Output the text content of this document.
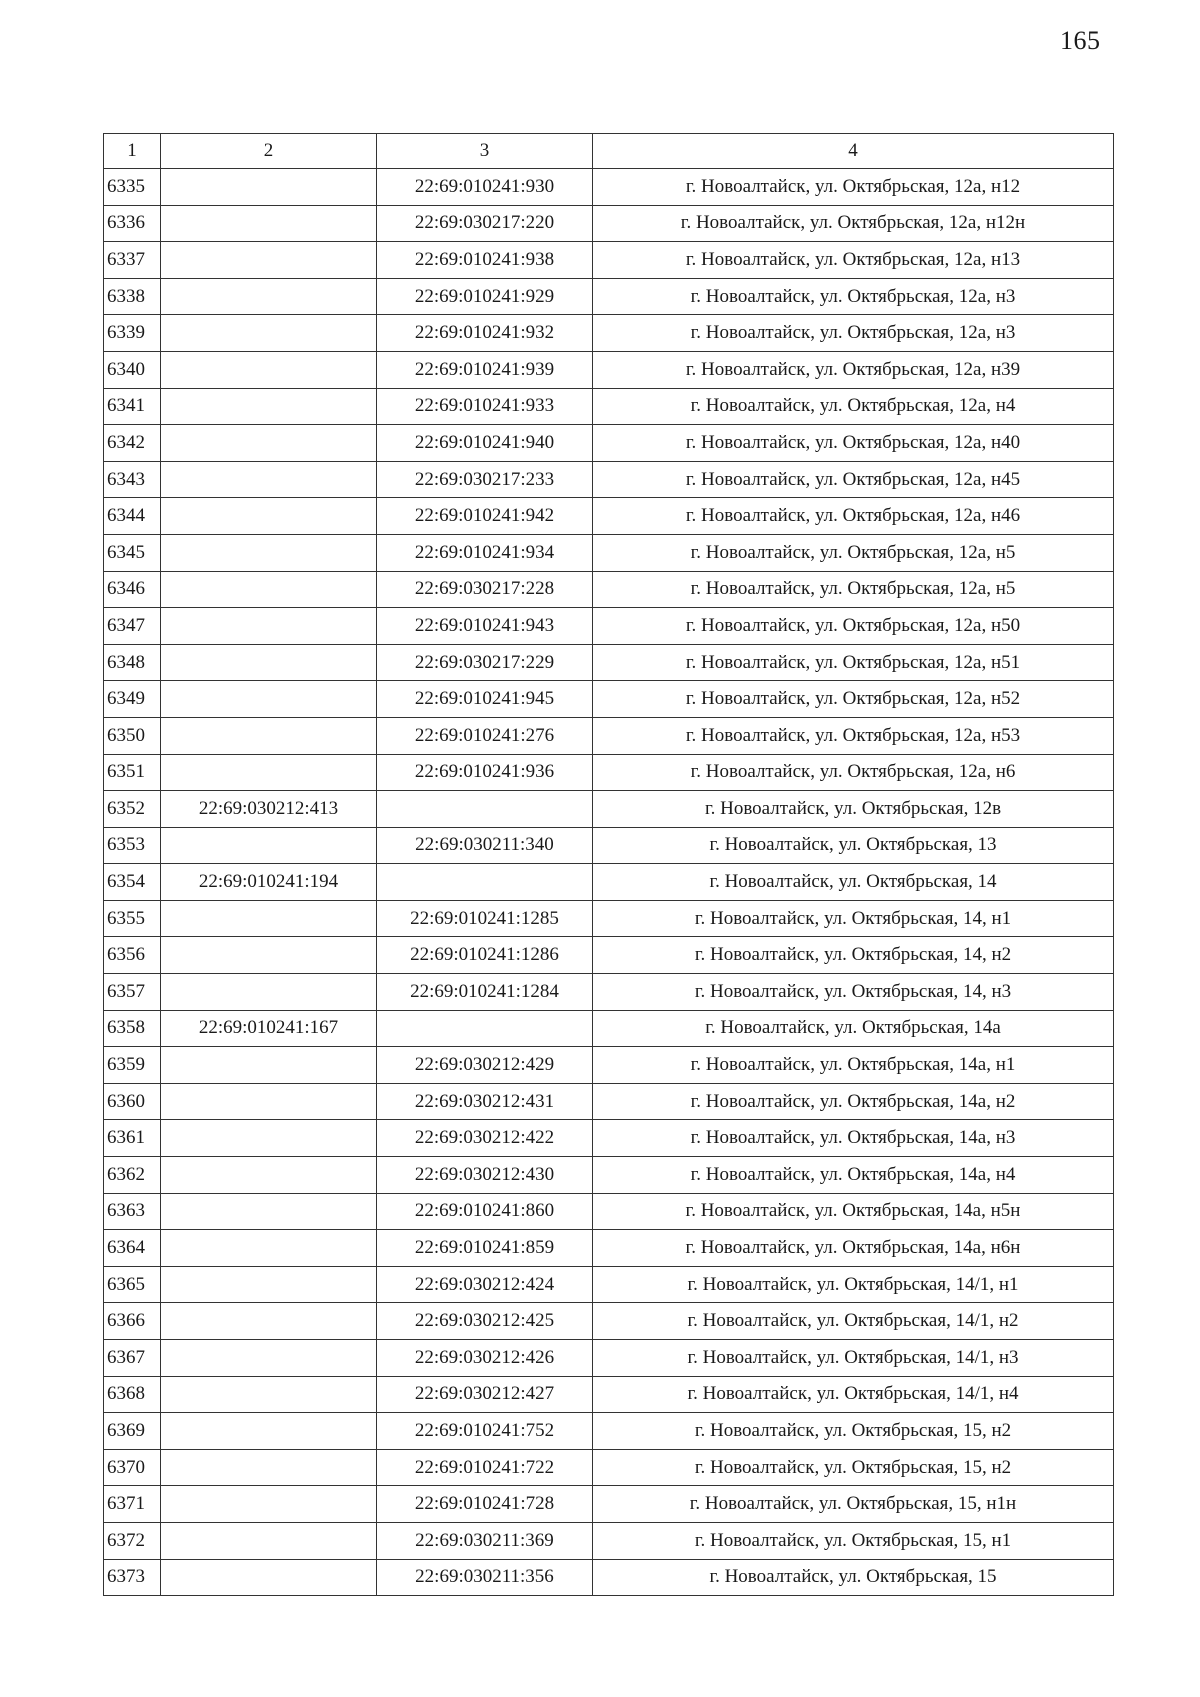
165
1	2	3	4
6335		22:69:010241:930	г. Новоалтайск, ул. Октябрьская, 12а, н12
6336		22:69:030217:220	г. Новоалтайск, ул. Октябрьская, 12а, н12н
6337		22:69:010241:938	г. Новоалтайск, ул. Октябрьская, 12а, н13
6338		22:69:010241:929	г. Новоалтайск, ул. Октябрьская, 12а, н3
6339		22:69:010241:932	г. Новоалтайск, ул. Октябрьская, 12а, н3
6340		22:69:010241:939	г. Новоалтайск, ул. Октябрьская, 12а, н39
6341		22:69:010241:933	г. Новоалтайск, ул. Октябрьская, 12а, н4
6342		22:69:010241:940	г. Новоалтайск, ул. Октябрьская, 12а, н40
6343		22:69:030217:233	г. Новоалтайск, ул. Октябрьская, 12а, н45
6344		22:69:010241:942	г. Новоалтайск, ул. Октябрьская, 12а, н46
6345		22:69:010241:934	г. Новоалтайск, ул. Октябрьская, 12а, н5
6346		22:69:030217:228	г. Новоалтайск, ул. Октябрьская, 12а, н5
6347		22:69:010241:943	г. Новоалтайск, ул. Октябрьская, 12а, н50
6348		22:69:030217:229	г. Новоалтайск, ул. Октябрьская, 12а, н51
6349		22:69:010241:945	г. Новоалтайск, ул. Октябрьская, 12а, н52
6350		22:69:010241:276	г. Новоалтайск, ул. Октябрьская, 12а, н53
6351		22:69:010241:936	г. Новоалтайск, ул. Октябрьская, 12а, н6
6352	22:69:030212:413		г. Новоалтайск, ул. Октябрьская, 12в
6353		22:69:030211:340	г. Новоалтайск, ул. Октябрьская, 13
6354	22:69:010241:194		г. Новоалтайск, ул. Октябрьская, 14
6355		22:69:010241:1285	г. Новоалтайск, ул. Октябрьская, 14, н1
6356		22:69:010241:1286	г. Новоалтайск, ул. Октябрьская, 14, н2
6357		22:69:010241:1284	г. Новоалтайск, ул. Октябрьская, 14, н3
6358	22:69:010241:167		г. Новоалтайск, ул. Октябрьская, 14а
6359		22:69:030212:429	г. Новоалтайск, ул. Октябрьская, 14а, н1
6360		22:69:030212:431	г. Новоалтайск, ул. Октябрьская, 14а, н2
6361		22:69:030212:422	г. Новоалтайск, ул. Октябрьская, 14а, н3
6362		22:69:030212:430	г. Новоалтайск, ул. Октябрьская, 14а, н4
6363		22:69:010241:860	г. Новоалтайск, ул. Октябрьская, 14а, н5н
6364		22:69:010241:859	г. Новоалтайск, ул. Октябрьская, 14а, н6н
6365		22:69:030212:424	г. Новоалтайск, ул. Октябрьская, 14/1, н1
6366		22:69:030212:425	г. Новоалтайск, ул. Октябрьская, 14/1, н2
6367		22:69:030212:426	г. Новоалтайск, ул. Октябрьская, 14/1, н3
6368		22:69:030212:427	г. Новоалтайск, ул. Октябрьская, 14/1, н4
6369		22:69:010241:752	г. Новоалтайск, ул. Октябрьская, 15, н2
6370		22:69:010241:722	г. Новоалтайск, ул. Октябрьская, 15, н2
6371		22:69:010241:728	г. Новоалтайск, ул. Октябрьская, 15, н1н
6372		22:69:030211:369	г. Новоалтайск, ул. Октябрьская, 15, н1
6373		22:69:030211:356	г. Новоалтайск, ул. Октябрьская, 15
